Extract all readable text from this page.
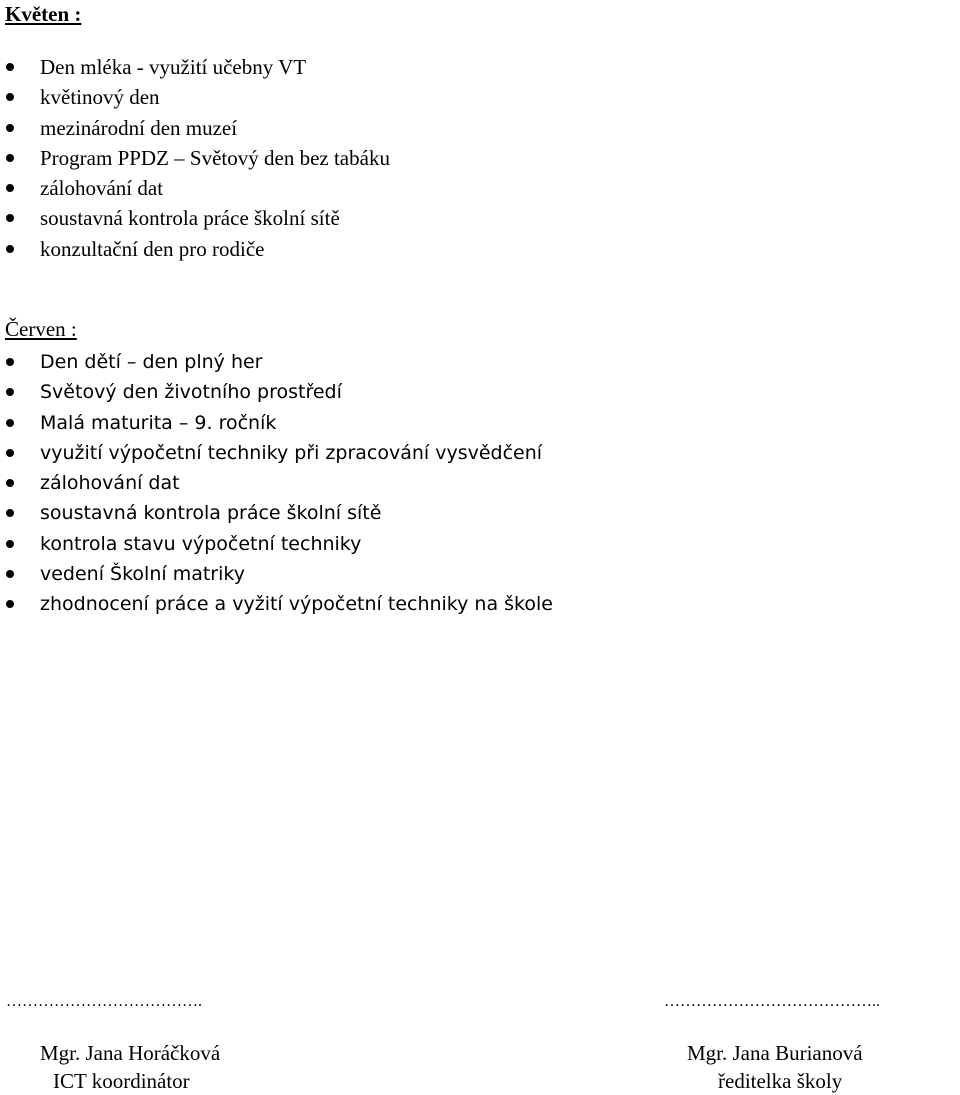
Květen :
Den mléka - využití učebny VT
květinový den
mezinárodní den muzeí
Program PPDZ – Světový den bez tabáku
zálohování dat
soustavná kontrola práce školní sítě
konzultační den pro rodiče
Červen :
Den dětí – den plný her
Světový den životního prostředí
Malá maturita – 9. ročník
využití výpočetní techniky při zpracování vysvědčení
zálohování dat
soustavná kontrola práce školní sítě
kontrola stavu výpočetní techniky
vedení Školní matriky
zhodnocení práce a vyžití výpočetní techniky na škole
……………………………….	…………………………………..
Mgr. Jana Horáčková
ICT koordinátor
Mgr. Jana Burianová
ředitelka školy
